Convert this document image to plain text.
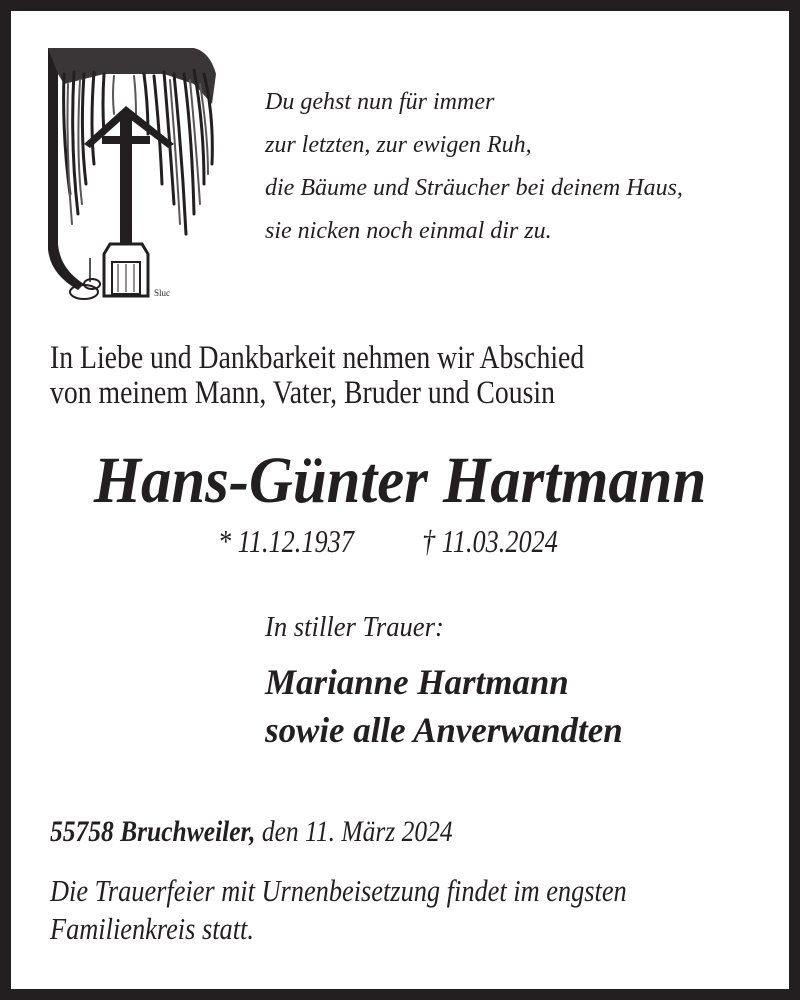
Sluc
Du gehst nun für immer
zur letzten, zur ewigen Ruh,
die Bäume und Sträucher bei deinem Haus,
sie nicken noch einmal dir zu.
In Liebe und Dankbarkeit nehmen wir Abschied
von meinem Mann, Vater, Bruder und Cousin
Hans-Günter Hartmann
* 11.12.1937 † 11.03.2024
In stiller Trauer:
Marianne Hartmann
sowie alle Anverwandten
55758 Bruchweiler, den 11. März 2024
Die Trauerfeier mit Urnenbeisetzung findet im engsten
Familienkreis statt.
